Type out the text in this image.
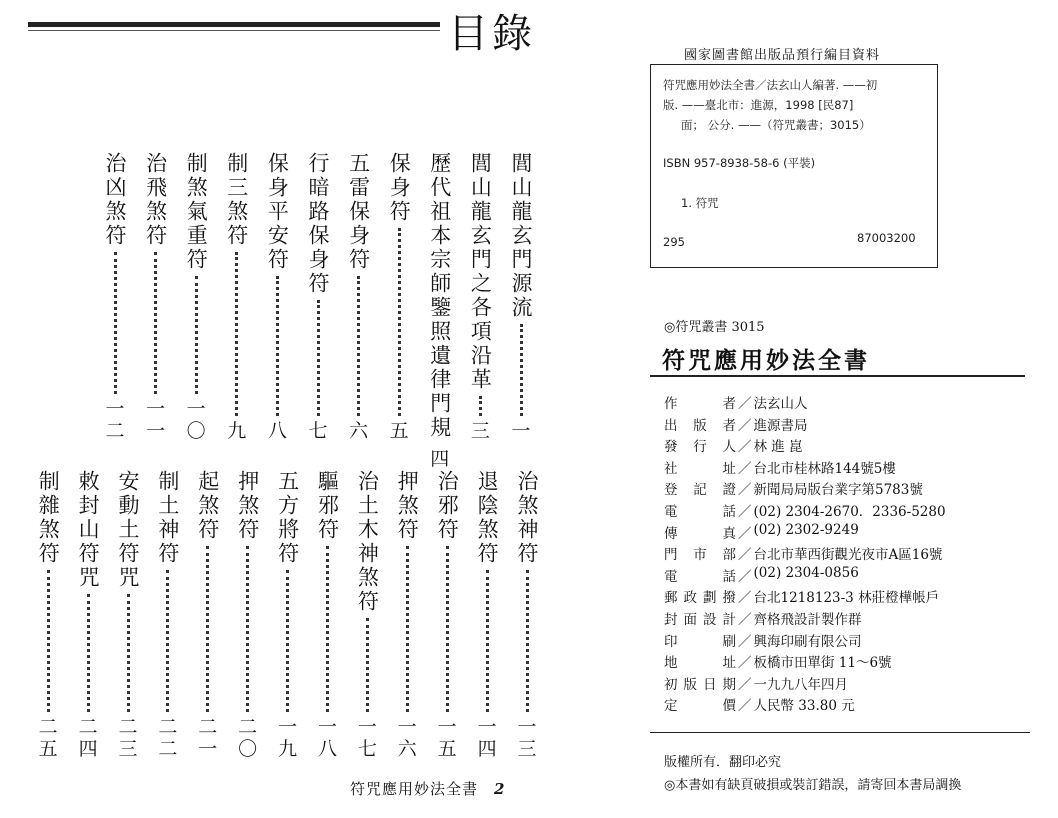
目錄
閭山龍玄門源流
一
閭山龍玄門之各項沿革
三
歷代祖本宗師鑒照遺律門規
四
保身符
五
五雷保身符
六
行暗路保身符
七
保身平安符
八
制三煞符
九
制煞氣重符
一〇
治飛煞符
一一
治凶煞符
一二
治煞神符
一三
退陰煞符
一四
治邪符
一五
押煞符
一六
治土木神煞符
一七
驅邪符
一八
五方將符
一九
押煞符
二〇
起煞符
二一
制土神符
二二
安動土符咒
二三
敕封山符咒
二四
制雜煞符
二五
符咒應用妙法全書 2
國家圖書館出版品預行編目資料
符咒應用妙法全書／法玄山人編著. ——初
版. ——臺北市：進源，1998 [民87]
面； 公分. ——（符咒叢書；3015）
ISBN 957-8938-58-6 (平裝)
1. 符咒
295	87003200
◎符咒叢書 3015
符咒應用妙法全書
作　　者 ／ 法玄山人
出 版 者 ／ 進源書局
發 行 人 ／ 林 進 崑
社　　址 ／ 台北市桂林路144號5樓
登 記 證 ／ 新聞局局版台業字第5783號
電　　話 ／ (02) 2304-2670．2336-5280
傳　　真 ／ (02) 2302-9249
門 市 部 ／ 台北市華西街觀光夜市A區16號
電　　話 ／ (02) 2304-0856
郵政劃撥 ／ 台北1218123-3 林莊橙樺帳戶
封面設計 ／ 齊格飛設計製作群
印　　刷 ／ 興海印刷有限公司
地　　址 ／ 板橋市田單街 11～6號
初版日期 ／ 一九九八年四月
定　　價 ／ 人民幣 33.80 元
版權所有．翻印必究
◎本書如有缺頁破損或裝訂錯誤，請寄回本書局調換
